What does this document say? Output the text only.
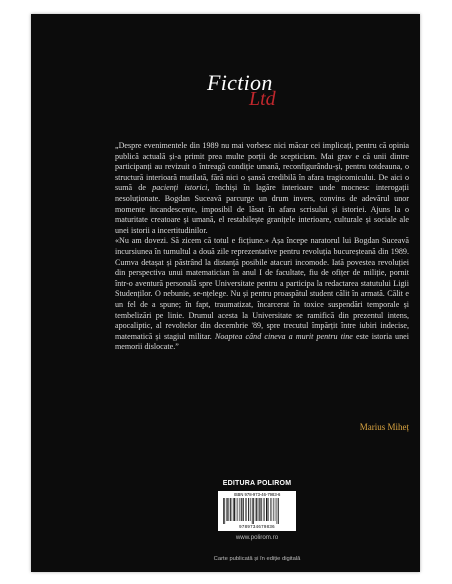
Fiction
Ltd

„Despre evenimentele din 1989 nu mai vorbesc nici măcar cei implicați, pentru că opinia publică actuală și-a primit prea multe porții de scepticism. Mai grav e că unii dintre participanți au revizuit o întreagă condiție umană, reconfigurându-și, pentru totdeauna, o structură interioară mutilată, fără nici o șansă credibilă în afara tragicomicului. De aici o sumă de pacienți istorici, închiși în lagăre interioare unde mocnesc interogații nesoluționate. Bogdan Suceavă parcurge un drum invers, convins de adevărul unor momente incandescente, imposibil de lăsat în afara scrisului și istoriei. Ajuns la o maturitate creatoare și umană, el restabilește granițele interioare, culturale și sociale ale unei istorii a incertitudinilor.

«Nu am dovezi. Să zicem că totul e ficțiune.» Așa începe naratorul lui Bogdan Suceavă incursiunea în tumultul a două zile reprezentative pentru revoluția bucureșteană din 1989. Cumva detașat și păstrând la distanță posibile atacuri incomode. Iată povestea revoluției din perspectiva unui matematician în anul I de facultate, fiu de ofițer de miliție, pornit într-o aventură personală spre Universitate pentru a participa la redactarea statutului Ligii Studenților. O nebunie, se-nțelege. Nu și pentru proaspătul student călit în armată. Călit e un fel de a spune; în fapt, traumatizat, încarcerat în toxice suspendări temporale și tembelizări pe linie. Drumul acesta la Universitate se ramifică din prezentul intens, apocaliptic, al revoltelor din decembrie '89, spre trecutul împărțit între iubiri indecise, matematică și stagiul militar. Noaptea când cineva a murit pentru tine este istoria unei memorii dislocate.”

Marius Miheț
EDITURA POLIROM
ISBN 978-973-46-7983-6
9789734679836
www.polirom.ro
Carte publicată și în ediție digitală
